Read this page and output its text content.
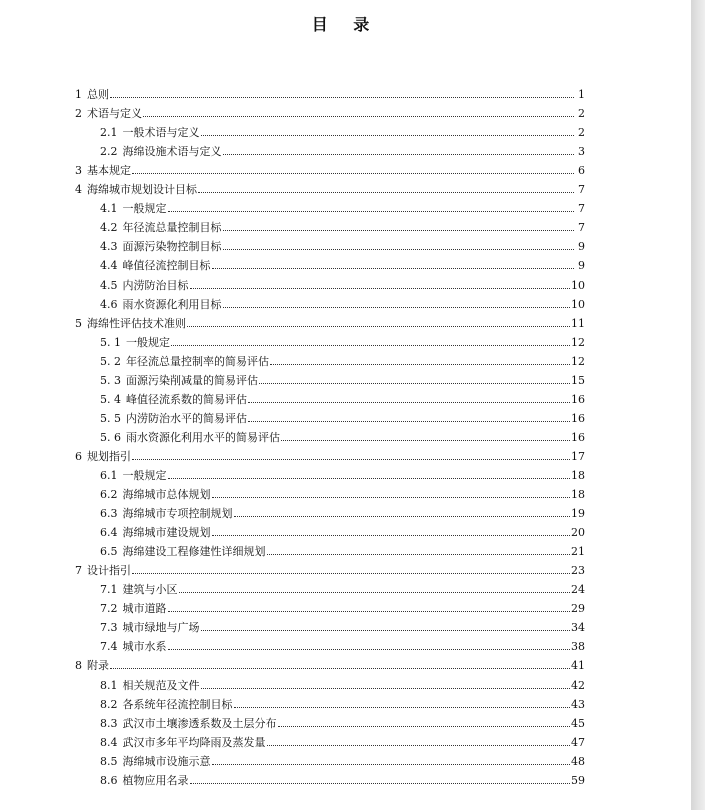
目 录
1 总则	1
2 术语与定义	2
2.1 一般术语与定义	2
2.2 海绵设施术语与定义	3
3 基本规定	6
4 海绵城市规划设计目标	7
4.1 一般规定	7
4.2 年径流总量控制目标	7
4.3 面源污染物控制目标	9
4.4 峰值径流控制目标	9
4.5 内涝防治目标	10
4.6 雨水资源化利用目标	10
5 海绵性评估技术准则	11
5. 1 一般规定	12
5. 2 年径流总量控制率的简易评估	12
5. 3 面源污染削减量的简易评估	15
5. 4 峰值径流系数的简易评估	16
5. 5 内涝防治水平的简易评估	16
5. 6 雨水资源化利用水平的简易评估	16
6 规划指引	17
6.1 一般规定	18
6.2 海绵城市总体规划	18
6.3 海绵城市专项控制规划	19
6.4 海绵城市建设规划	20
6.5 海绵建设工程修建性详细规划	21
7 设计指引	23
7.1 建筑与小区	24
7.2 城市道路	29
7.3 城市绿地与广场	34
7.4 城市水系	38
8 附录	41
8.1 相关规范及文件	42
8.2 各系统年径流控制目标	43
8.3 武汉市土壤渗透系数及土层分布	45
8.4 武汉市多年平均降雨及蒸发量	47
8.5 海绵城市设施示意	48
8.6 植物应用名录	59
